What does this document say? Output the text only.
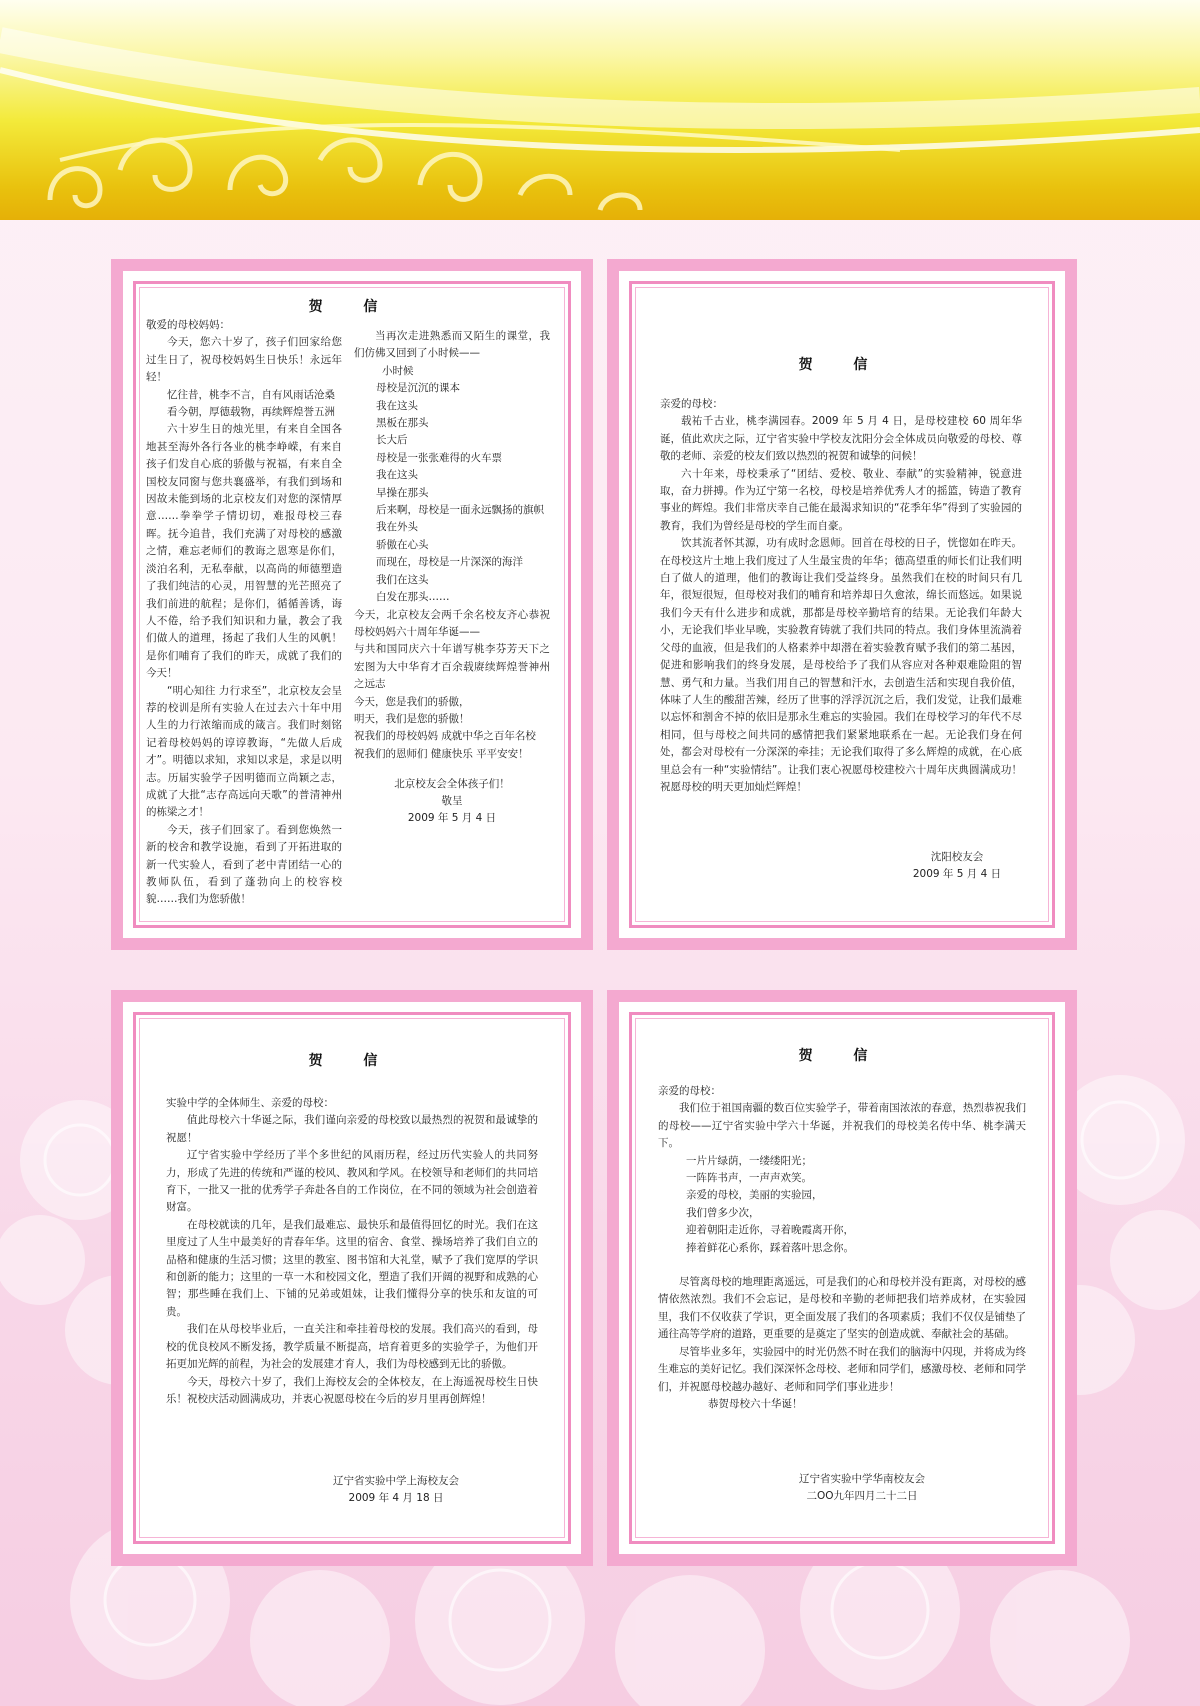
贺 信

敬爱的母校妈妈：

今天，您六十岁了，孩子们回家给您过生日了，祝母校妈妈生日快乐！永远年轻！

忆往昔，桃李不言，自有风雨话沧桑

看今朝，厚德载物，再续辉煌誉五洲

六十岁生日的烛光里，有来自全国各地甚至海外各行各业的桃李峥嵘，有来自孩子们发自心底的骄傲与祝福，有来自全国校友同窗与您共襄盛举，有我们到场和因故未能到场的北京校友们对您的深情厚意……拳拳学子情切切，难报母校三春晖。抚今追昔，我们充满了对母校的感激之情，难忘老师们的教诲之恩寒是你们，淡泊名利，无私奉献，以高尚的师德塑造了我们纯洁的心灵，用智慧的光芒照亮了我们前进的航程；是你们，循循善诱，诲人不倦，给予我们知识和力量，教会了我们做人的道理，扬起了我们人生的风帆！是你们哺育了我们的昨天，成就了我们的今天！

“明心知往 力行求至”，北京校友会呈荐的校训是所有实验人在过去六十年中用人生的力行浓缩而成的箴言。我们时刻铭记着母校妈妈的谆谆教诲，“先做人后成才”。明德以求知，求知以求是，求是以明志。历届实验学子因明德而立尚颖之志，成就了大批“志存高远向天歌”的普清神州的栋梁之才！

今天，孩子们回家了。看到您焕然一新的校舍和教学设施，看到了开拓进取的新一代实验人，看到了老中青团结一心的教师队伍，看到了蓬勃向上的校容校貌……我们为您骄傲！

当再次走进熟悉而又陌生的课堂，我们仿佛又回到了小时候——

小时候

母校是沉沉的课本

我在这头

黑板在那头

长大后

母校是一张张难得的火车票

我在这头

早操在那头

后来啊，母校是一面永远飘扬的旗帜

我在外头

骄傲在心头

而现在，母校是一片深深的海洋

我们在这头

白发在那头……

今天，北京校友会两千余名校友齐心恭祝母校妈妈六十周年华诞——

与共和国同庆六十年谱写桃李芬芳天下之宏图为大中华育才百余载赓续辉煌誉神州之远志

今天，您是我们的骄傲，

明天，我们是您的骄傲！

祝我们的母校妈妈 成就中华之百年名校

祝我们的恩师们 健康快乐 平平安安！

北京校友会全体孩子们！
敬呈
2009 年 5 月 4 日
贺 信

亲爱的母校：

载祐千古业，桃李满园春。2009 年 5 月 4 日，是母校建校 60 周年华诞，值此欢庆之际，辽宁省实验中学校友沈阳分会全体成员向敬爱的母校、尊敬的老师、亲爱的校友们致以热烈的祝贺和诚挚的问候！

六十年来，母校秉承了“团结、爱校、敬业、奉献”的实验精神，锐意进取，奋力拼搏。作为辽宁第一名校，母校是培养优秀人才的摇篮，铸造了教育事业的辉煌。我们非常庆幸自己能在最渴求知识的“花季年华”得到了实验园的教育，我们为曾经是母校的学生而自豪。

饮其流者怀其源，功有成时念恩师。回首在母校的日子，恍惚如在昨天。在母校这片土地上我们度过了人生最宝贵的年华；德高望重的师长们让我们明白了做人的道理，他们的教诲让我们受益终身。虽然我们在校的时间只有几年，很短很短，但母校对我们的哺育和培养却日久愈浓，绵长而悠远。如果说我们今天有什么进步和成就，那都是母校辛勤培育的结果。无论我们年龄大小，无论我们毕业早晚，实验教育铸就了我们共同的特点。我们身体里流淌着父母的血液，但是我们的人格素养中却潜在着实验教育赋予我们的第二基因，促进和影响我们的终身发展，是母校给予了我们从容应对各种艰难险阻的智慧、勇气和力量。当我们用自己的智慧和汗水，去创造生活和实现自我价值，体味了人生的酸甜苦辣，经历了世事的浮浮沉沉之后，我们发觉，让我们最难以忘怀和割舍不掉的依旧是那永生难忘的实验园。我们在母校学习的年代不尽相同，但与母校之间共同的感情把我们紧紧地联系在一起。无论我们身在何处，都会对母校有一分深深的牵挂；无论我们取得了多么辉煌的成就，在心底里总会有一种“实验情结”。让我们衷心祝愿母校建校六十周年庆典圆满成功！祝愿母校的明天更加灿烂辉煌！

沈阳校友会
2009 年 5 月 4 日
贺 信

实验中学的全体师生、亲爱的母校：

值此母校六十华诞之际，我们谨向亲爱的母校致以最热烈的祝贺和最诚挚的祝愿！

辽宁省实验中学经历了半个多世纪的风雨历程，经过历代实验人的共同努力，形成了先进的传统和严谨的校风、教风和学风。在校领导和老师们的共同培育下，一批又一批的优秀学子奔赴各自的工作岗位，在不同的领域为社会创造着财富。

在母校就读的几年，是我们最难忘、最快乐和最值得回忆的时光。我们在这里度过了人生中最美好的青春年华。这里的宿舍、食堂、操场培养了我们自立的品格和健康的生活习惯；这里的教室、图书馆和大礼堂，赋予了我们宽厚的学识和创新的能力；这里的一草一木和校园文化，塑造了我们开阔的视野和成熟的心智；那些睡在我们上、下铺的兄弟或姐妹，让我们懂得分享的快乐和友谊的可贵。

我们在从母校毕业后，一直关注和牵挂着母校的发展。我们高兴的看到，母校的优良校风不断发扬，教学质量不断提高，培育着更多的实验学子，为他们开拓更加光辉的前程，为社会的发展建才育人，我们为母校感到无比的骄傲。

今天，母校六十岁了，我们上海校友会的全体校友，在上海遥祝母校生日快乐！祝校庆活动圆满成功，并衷心祝愿母校在今后的岁月里再创辉煌！

辽宁省实验中学上海校友会
2009 年 4 月 18 日
贺 信

亲爱的母校：

我们位于祖国南疆的数百位实验学子，带着南国浓浓的春意，热烈恭祝我们的母校——辽宁省实验中学六十华诞，并祝我们的母校美名传中华、桃李满天下。

一片片绿荫，一缕缕阳光；

一阵阵书声，一声声欢笑。

亲爱的母校，美丽的实验园，

我们曾多少次，

迎着朝阳走近你，寻着晚霞离开你，

捧着鲜花心系你，踩着落叶思念你。

尽管离母校的地理距离遥远，可是我们的心和母校并没有距离，对母校的感情依然浓烈。我们不会忘记，是母校和辛勤的老师把我们培养成材，在实验园里，我们不仅收获了学识，更全面发展了我们的各项素质；我们不仅仅是铺垫了通往高等学府的道路，更重要的是奠定了坚实的创造成就、奉献社会的基础。

尽管毕业多年，实验园中的时光仍然不时在我们的脑海中闪现，并将成为终生难忘的美好记忆。我们深深怀念母校、老师和同学们，感激母校、老师和同学们，并祝愿母校越办越好、老师和同学们事业进步！

恭贺母校六十华诞！

辽宁省实验中学华南校友会
二OO九年四月二十二日
